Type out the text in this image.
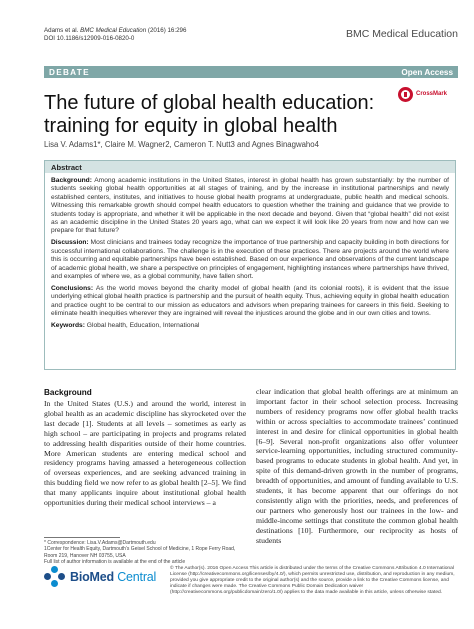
Adams et al. BMC Medical Education (2016) 16:296
DOI 10.1186/s12909-016-0820-0	BMC Medical Education
DEBATE	Open Access
CrossMark
The future of global health education: training for equity in global health
Lisa V. Adams1*, Claire M. Wagner2, Cameron T. Nutt3 and Agnes Binagwaho4
Abstract

Background: Among academic institutions in the United States, interest in global health has grown substantially: by the number of students seeking global health opportunities at all stages of training, and by the increase in institutional partnerships and newly established centers, institutes, and initiatives to house global health programs at undergraduate, public health and medical schools. Witnessing this remarkable growth should compel health educators to question whether the training and guidance that we provide to students today is appropriate, and whether it will be applicable in the next decade and beyond. Given that “global health” did not exist as an academic discipline in the United States 20 years ago, what can we expect it will look like 20 years from now and how can we prepare for that future?

Discussion: Most clinicians and trainees today recognize the importance of true partnership and capacity building in both directions for successful international collaborations. The challenge is in the execution of these practices. There are projects around the world where this is occurring and equitable partnerships have been established. Based on our experience and observations of the current landscape of academic global health, we share a perspective on principles of engagement, highlighting instances where partnerships have thrived, and examples of where we, as a global community, have fallen short.

Conclusions: As the world moves beyond the charity model of global health (and its colonial roots), it is evident that the issue underlying ethical global health practice is partnership and the pursuit of health equity. Thus, achieving equity in global health education and practice ought to be central to our mission as educators and advisors when preparing trainees for careers in this field. Seeking to eliminate health inequities wherever they are ingrained will reveal the injustices around the globe and in our own cities and towns.

Keywords: Global health, Education, International

Background
In the United States (U.S.) and around the world, interest in global health as an academic discipline has skyrocketed over the last decade [1]. Students at all levels – sometimes as early as high school – are participating in projects and programs related to addressing health disparities outside of their home countries. More American students are entering medical school and residency programs having amassed a heterogeneous collection of overseas experiences, and are seeking advanced training in this budding field we now refer to as global health [2–5]. We find that many applicants inquire about institutional global health opportunities during their medical school interviews – a
clear indication that global health offerings are at minimum an important factor in their school selection process. Increasing numbers of residency programs now offer global health tracks within or across specialties to accommodate trainees’ continued interest in and desire for clinical opportunities in global health [6–9]. Several non-profit organizations also offer volunteer service-learning opportunities, including structured community-based programs to educate students in global health. And yet, in spite of this demand-driven growth in the number of programs, breadth of opportunities, and amount of funding available to U.S. students, it has become apparent that our offerings do not consistently align with the priorities, needs, and preferences of our partners who generously host our trainees in the low- and middle-income settings that constitute the common global health destinations [10]. Furthermore, our reciprocity as hosts of students
* Correspondence: Lisa.V.Adams@Dartmouth.edu
1Center for Health Equity, Dartmouth’s Geisel School of Medicine, 1 Rope Ferry Road, Room 219, Hanover NH 03755, USA
Full list of author information is available at the end of the article
BioMed Central
© The Author(s). 2016 Open Access This article is distributed under the terms of the Creative Commons Attribution 4.0 International License (http://creativecommons.org/licenses/by/4.0/), which permits unrestricted use, distribution, and reproduction in any medium, provided you give appropriate credit to the original author(s) and the source, provide a link to the Creative Commons license, and indicate if changes were made. The Creative Commons Public Domain Dedication waiver (http://creativecommons.org/publicdomain/zero/1.0/) applies to the data made available in this article, unless otherwise stated.
